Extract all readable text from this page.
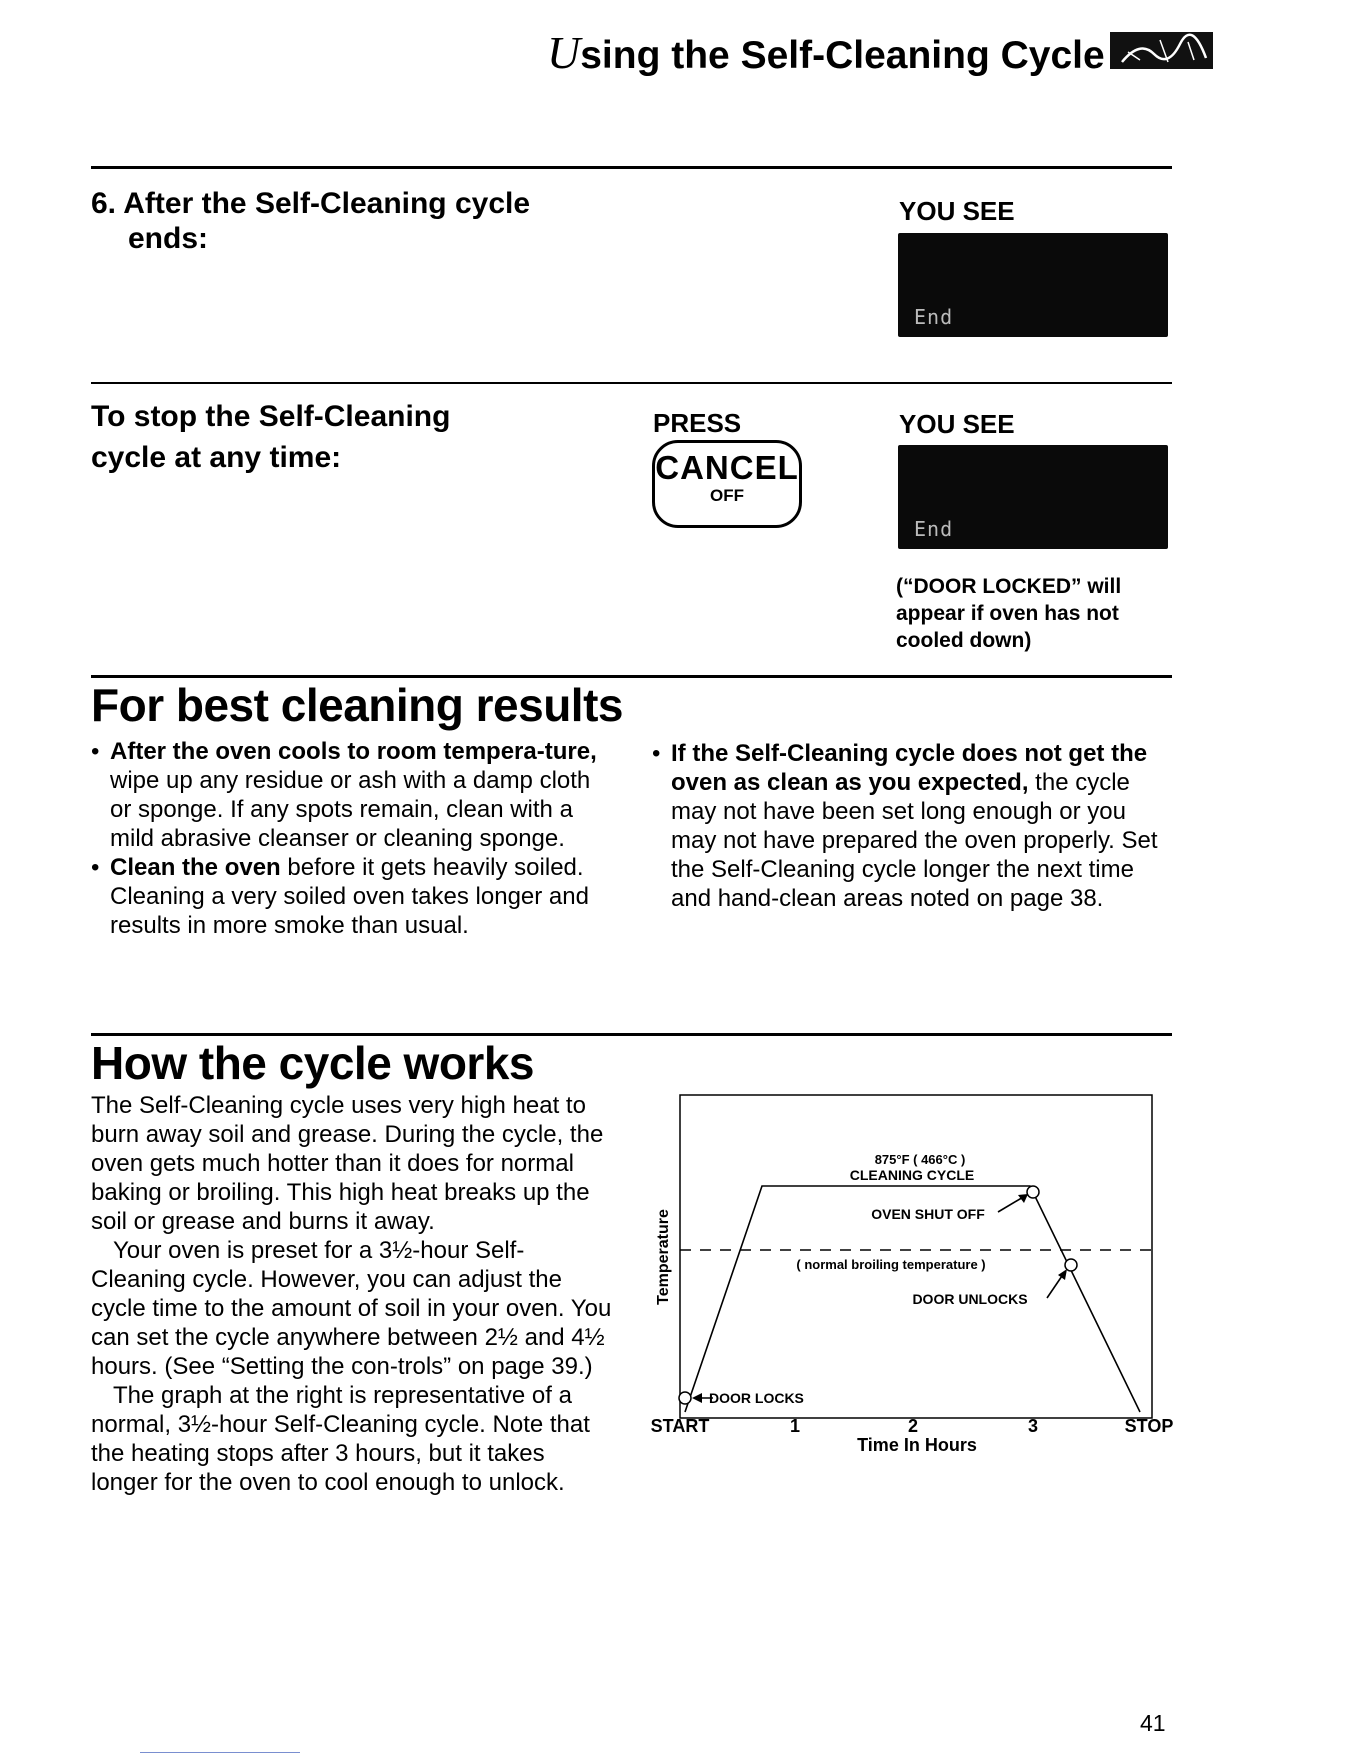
Using the Self-Cleaning Cycle
6. After the Self-Cleaning cycle
ends:
YOU SEE
End
To stop the Self-Cleaning
cycle at any time:
PRESS
CANCEL
OFF
YOU SEE
End
(“DOOR LOCKED” will appear if oven has not cooled down)
For best cleaning results

• After the oven cools to room tempera-ture, wipe up any residue or ash with a damp cloth or sponge. If any spots remain, clean with a mild abrasive cleanser or cleaning sponge.

• Clean the oven before it gets heavily soiled. Cleaning a very soiled oven takes longer and results in more smoke than usual.

• If the Self-Cleaning cycle does not get the oven as clean as you expected, the cycle may not have been set long enough or you may not have prepared the oven properly. Set the Self-Cleaning cycle longer the next time and hand-clean areas noted on page 38.

How the cycle works
The Self-Cleaning cycle uses very high heat to burn away soil and grease. During the cycle, the oven gets much hotter than it does for normal baking or broiling. This high heat breaks up the soil or grease and burns it away.
Your oven is preset for a 3½-hour Self-Cleaning cycle. However, you can adjust the cycle time to the amount of soil in your oven. You can set the cycle anywhere between 2½ and 4½ hours. (See “Setting the con-trols” on page 39.)
The graph at the right is representative of a normal, 3½-hour Self-Cleaning cycle. Note that the heating stops after 3 hours, but it takes longer for the oven to cool enough to unlock.
875°F ( 466°C )
CLEANING CYCLE
OVEN SHUT OFF
( normal broiling temperature )
DOOR UNLOCKS
DOOR LOCKS
Temperature
START	1	2	3	STOP
Time In Hours
41
